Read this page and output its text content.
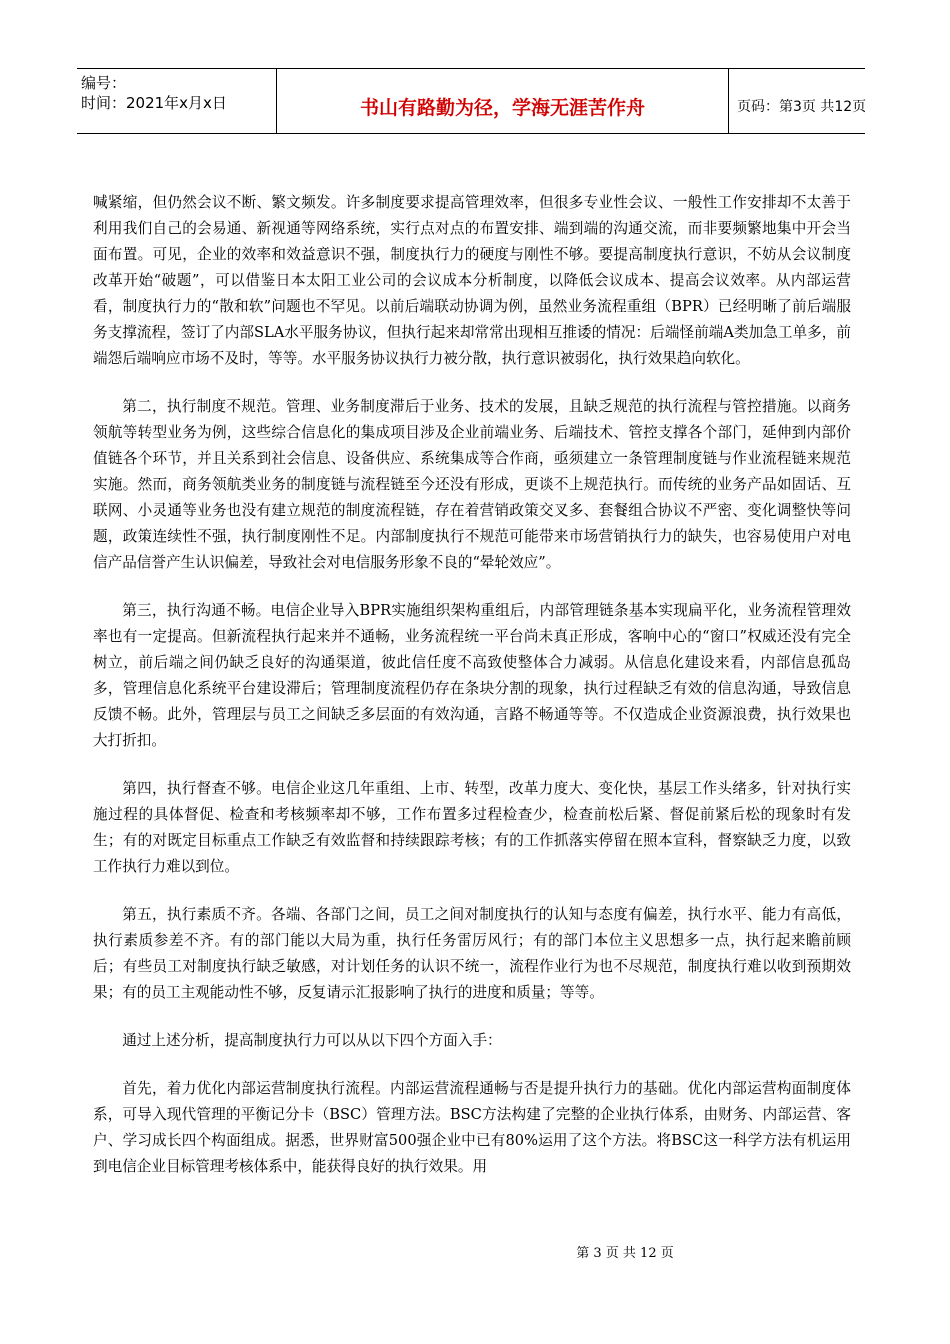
编号：
时间：2021年x月x日	书山有路勤为径，学海无涯苦作舟	页码：第3页 共12页

喊紧缩，但仍然会议不断、繁文频发。许多制度要求提高管理效率，但很多专业性会议、一般性工作安排却不太善于利用我们自己的会易通、新视通等网络系统，实行点对点的布置安排、端到端的沟通交流，而非要频繁地集中开会当面布置。可见，企业的效率和效益意识不强，制度执行力的硬度与刚性不够。要提高制度执行意识，不妨从会议制度改革开始“破题”，可以借鉴日本太阳工业公司的会议成本分析制度，以降低会议成本、提高会议效率。从内部运营看，制度执行力的“散和软”问题也不罕见。以前后端联动协调为例，虽然业务流程重组（BPR）已经明晰了前后端服务支撑流程，签订了内部SLA水平服务协议，但执行起来却常常出现相互推诿的情况：后端怪前端A类加急工单多，前端怨后端响应市场不及时，等等。水平服务协议执行力被分散，执行意识被弱化，执行效果趋向软化。

第二，执行制度不规范。管理、业务制度滞后于业务、技术的发展，且缺乏规范的执行流程与管控措施。以商务领航等转型业务为例，这些综合信息化的集成项目涉及企业前端业务、后端技术、管控支撑各个部门，延伸到内部价值链各个环节，并且关系到社会信息、设备供应、系统集成等合作商，亟须建立一条管理制度链与作业流程链来规范实施。然而，商务领航类业务的制度链与流程链至今还没有形成，更谈不上规范执行。而传统的业务产品如固话、互联网、小灵通等业务也没有建立规范的制度流程链，存在着营销政策交叉多、套餐组合协议不严密、变化调整快等问题，政策连续性不强，执行制度刚性不足。内部制度执行不规范可能带来市场营销执行力的缺失，也容易使用户对电信产品信誉产生认识偏差，导致社会对电信服务形象不良的“晕轮效应”。

第三，执行沟通不畅。电信企业导入BPR实施组织架构重组后，内部管理链条基本实现扁平化，业务流程管理效率也有一定提高。但新流程执行起来并不通畅，业务流程统一平台尚未真正形成，客响中心的“窗口”权威还没有完全树立，前后端之间仍缺乏良好的沟通渠道，彼此信任度不高致使整体合力减弱。从信息化建设来看，内部信息孤岛多，管理信息化系统平台建设滞后；管理制度流程仍存在条块分割的现象，执行过程缺乏有效的信息沟通，导致信息反馈不畅。此外，管理层与员工之间缺乏多层面的有效沟通，言路不畅通等等。不仅造成企业资源浪费，执行效果也大打折扣。

第四，执行督查不够。电信企业这几年重组、上市、转型，改革力度大、变化快，基层工作头绪多，针对执行实施过程的具体督促、检查和考核频率却不够，工作布置多过程检查少，检查前松后紧、督促前紧后松的现象时有发生；有的对既定目标重点工作缺乏有效监督和持续跟踪考核；有的工作抓落实停留在照本宣科，督察缺乏力度，以致工作执行力难以到位。

第五，执行素质不齐。各端、各部门之间，员工之间对制度执行的认知与态度有偏差，执行水平、能力有高低，执行素质参差不齐。有的部门能以大局为重，执行任务雷厉风行；有的部门本位主义思想多一点，执行起来瞻前顾后；有些员工对制度执行缺乏敏感，对计划任务的认识不统一，流程作业行为也不尽规范，制度执行难以收到预期效果；有的员工主观能动性不够，反复请示汇报影响了执行的进度和质量；等等。

通过上述分析，提高制度执行力可以从以下四个方面入手：

首先，着力优化内部运营制度执行流程。内部运营流程通畅与否是提升执行力的基础。优化内部运营构面制度体系，可导入现代管理的平衡记分卡（BSC）管理方法。BSC方法构建了完整的企业执行体系，由财务、内部运营、客户、学习成长四个构面组成。据悉，世界财富500强企业中已有80%运用了这个方法。将BSC这一科学方法有机运用到电信企业目标管理考核体系中，能获得良好的执行效果。用

第 3 页 共 12 页
